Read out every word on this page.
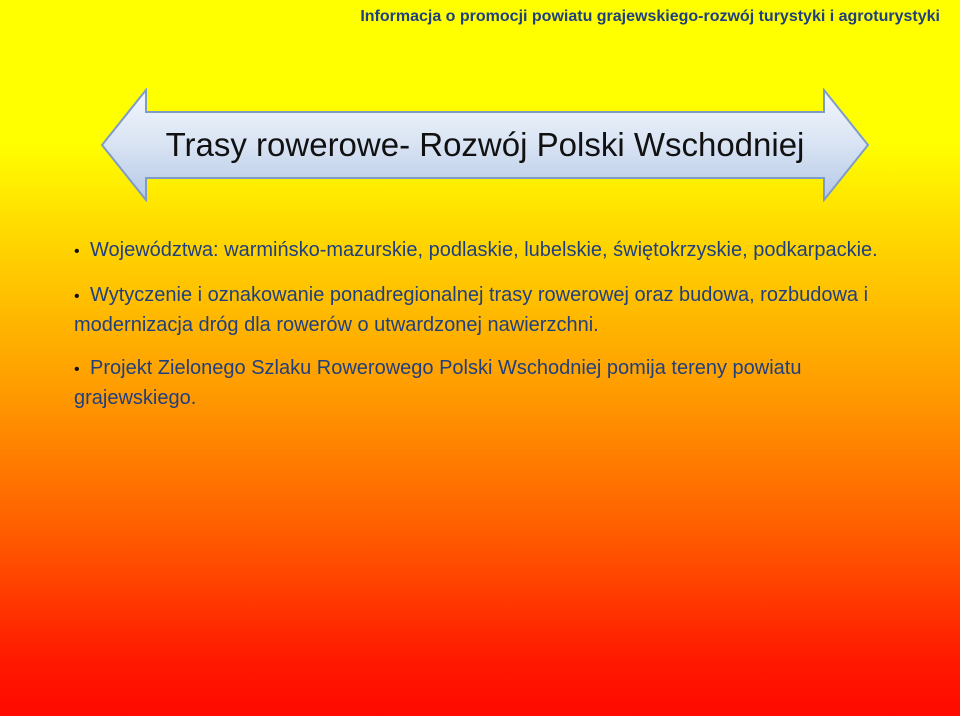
Informacja o promocji powiatu grajewskiego-rozwój turystyki i agroturystyki
Trasy rowerowe- Rozwój Polski Wschodniej
• Województwa: warmińsko-mazurskie, podlaskie, lubelskie, świętokrzyskie, podkarpackie.
• Wytyczenie i oznakowanie ponadregionalnej trasy rowerowej oraz budowa, rozbudowa i modernizacja dróg dla rowerów o utwardzonej nawierzchni.
• Projekt Zielonego Szlaku Rowerowego Polski Wschodniej pomija tereny powiatu grajewskiego.
